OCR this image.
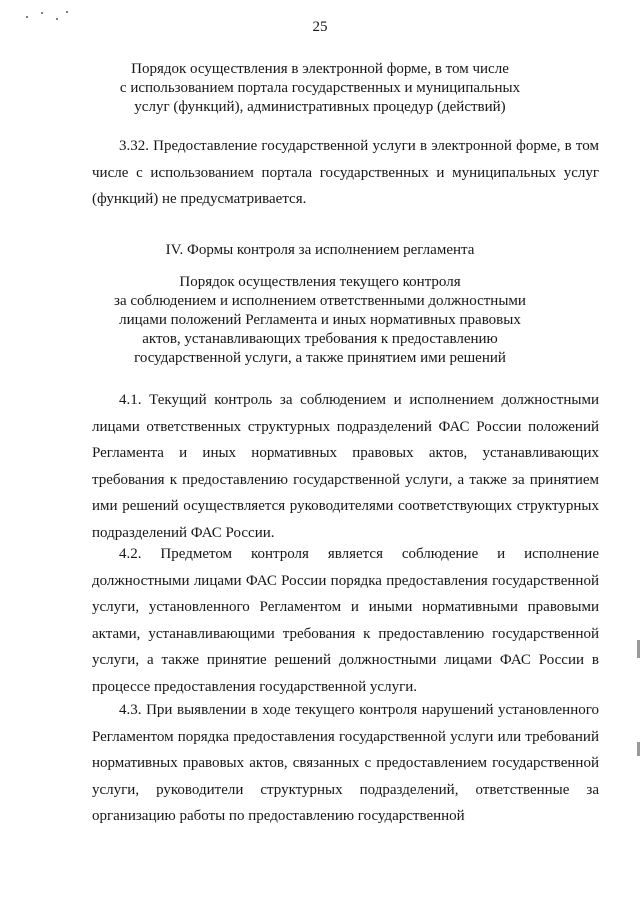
25
Порядок осуществления в электронной форме, в том числе
с использованием портала государственных и муниципальных
услуг (функций), административных процедур (действий)
3.32. Предоставление государственной услуги в электронной форме, в том числе с использованием портала государственных и муниципальных услуг (функций) не предусматривается.
IV. Формы контроля за исполнением регламента
Порядок осуществления текущего контроля
за соблюдением и исполнением ответственными должностными
лицами положений Регламента и иных нормативных правовых
актов, устанавливающих требования к предоставлению
государственной услуги, а также принятием ими решений
4.1. Текущий контроль за соблюдением и исполнением должностными лицами ответственных структурных подразделений ФАС России положений Регламента и иных нормативных правовых актов, устанавливающих требования к предоставлению государственной услуги, а также за принятием ими решений осуществляется руководителями соответствующих структурных подразделений ФАС России.
4.2. Предметом контроля является соблюдение и исполнение должностными лицами ФАС России порядка предоставления государственной услуги, установленного Регламентом и иными нормативными правовыми актами, устанавливающими требования к предоставлению государственной услуги, а также принятие решений должностными лицами ФАС России в процессе предоставления государственной услуги.
4.3. При выявлении в ходе текущего контроля нарушений установленного Регламентом порядка предоставления государственной услуги или требований нормативных правовых актов, связанных с предоставлением государственной услуги, руководители структурных подразделений, ответственные за организацию работы по предоставлению государственной
